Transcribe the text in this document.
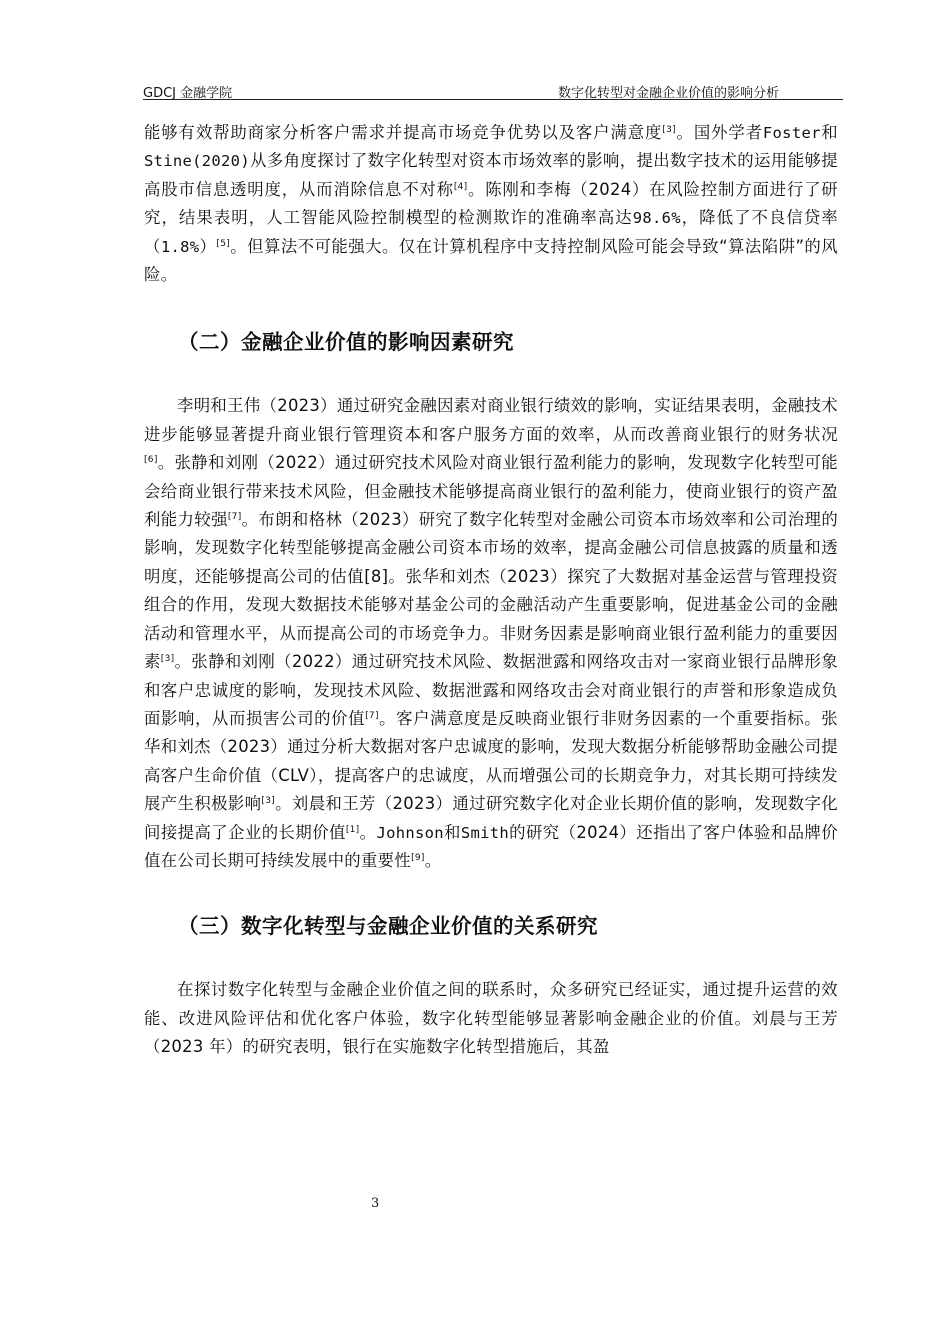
GDCJ 金融学院	数字化转型对金融企业价值的影响分析

能够有效帮助商家分析客户需求并提高市场竞争优势以及客户满意度[3]。国外学者Foster和Stine(2020)从多角度探讨了数字化转型对资本市场效率的影响，提出数字技术的运用能够提高股市信息透明度，从而消除信息不对称[4]。陈刚和李梅（2024）在风险控制方面进行了研究，结果表明，人工智能风险控制模型的检测欺诈的准确率高达98.6%，降低了不良信贷率（1.8%）[5]。但算法不可能强大。仅在计算机程序中支持控制风险可能会导致“算法陷阱”的风险。

（二）金融企业价值的影响因素研究

李明和王伟（2023）通过研究金融因素对商业银行绩效的影响，实证结果表明，金融技术进步能够显著提升商业银行管理资本和客户服务方面的效率，从而改善商业银行的财务状况[6]。张静和刘刚（2022）通过研究技术风险对商业银行盈利能力的影响，发现数字化转型可能会给商业银行带来技术风险，但金融技术能够提高商业银行的盈利能力，使商业银行的资产盈利能力较强[7]。布朗和格林（2023）研究了数字化转型对金融公司资本市场效率和公司治理的影响，发现数字化转型能够提高金融公司资本市场的效率，提高金融公司信息披露的质量和透明度，还能够提高公司的估值[8]。张华和刘杰（2023）探究了大数据对基金运营与管理投资组合的作用，发现大数据技术能够对基金公司的金融活动产生重要影响，促进基金公司的金融活动和管理水平，从而提高公司的市场竞争力。非财务因素是影响商业银行盈利能力的重要因素[3]。张静和刘刚（2022）通过研究技术风险、数据泄露和网络攻击对一家商业银行品牌形象和客户忠诚度的影响，发现技术风险、数据泄露和网络攻击会对商业银行的声誉和形象造成负面影响，从而损害公司的价值[7]。客户满意度是反映商业银行非财务因素的一个重要指标。张华和刘杰（2023）通过分析大数据对客户忠诚度的影响，发现大数据分析能够帮助金融公司提高客户生命价值（CLV），提高客户的忠诚度，从而增强公司的长期竞争力，对其长期可持续发展产生积极影响[3]。刘晨和王芳（2023）通过研究数字化对企业长期价值的影响，发现数字化间接提高了企业的长期价值[1]。Johnson和Smith的研究（2024）还指出了客户体验和品牌价值在公司长期可持续发展中的重要性[9]。

（三）数字化转型与金融企业价值的关系研究

在探讨数字化转型与金融企业价值之间的联系时，众多研究已经证实，通过提升运营的效能、改进风险评估和优化客户体验，数字化转型能够显著影响金融企业的价值。刘晨与王芳（2023 年）的研究表明，银行在实施数字化转型措施后，其盈

3
